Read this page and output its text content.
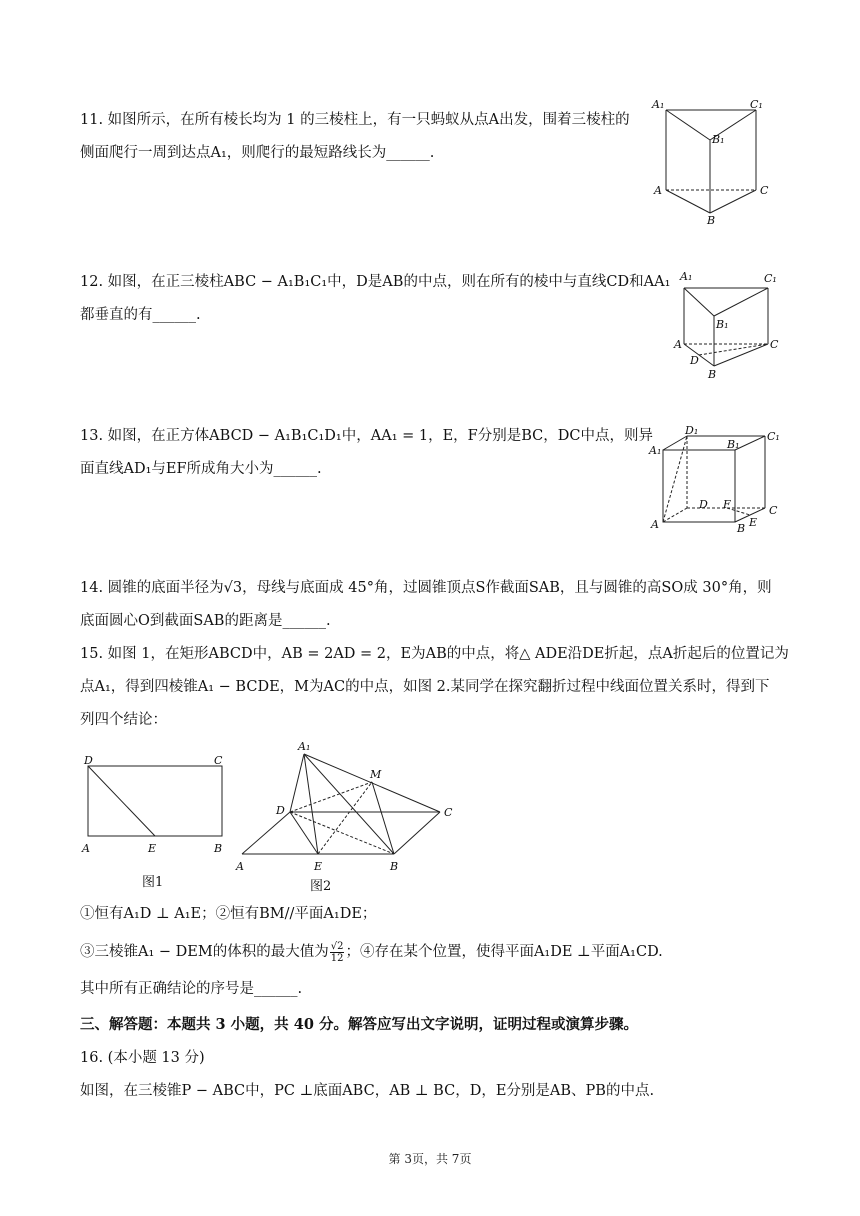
11. 如图所示，在所有棱长均为 1 的三棱柱上，有一只蚂蚁从点A出发，围着三棱柱的
侧面爬行一周到达点A₁，则爬行的最短路线长为______.
A₁	C₁
B₁
A	C
B
12. 如图，在正三棱柱ABC − A₁B₁C₁中，D是AB的中点，则在所有的棱中与直线CD和AA₁
都垂直的有______.
A₁	C₁
B₁
A	C
D
B
13. 如图，在正方体ABCD − A₁B₁C₁D₁中，AA₁ = 1，E，F分别是BC，DC中点，则异
面直线AD₁与EF所成角大小为______.
D₁
B₁
C₁
A₁
D F	C
E
B
A
14. 圆锥的底面半径为√3，母线与底面成 45°角，过圆锥顶点S作截面SAB，且与圆锥的高SO成 30°角，则
底面圆心O到截面SAB的距离是______.
15. 如图 1，在矩形ABCD中，AB = 2AD = 2，E为AB的中点，将△ ADE沿DE折起，点A折起后的位置记为
点A₁，得到四棱锥A₁ − BCDE，M为AC的中点，如图 2.某同学在探究翻折过程中线面位置关系时，得到下
列四个结论：
D	C
A	E	B
图1
A₁
M
D	C
A	E	B
图2
①恒有A₁D ⊥ A₁E；②恒有BM//平面A₁DE；
③三棱锥A₁ − DEM的体积的最大值为 $\frac{√2}{12}$ ；④存在某个位置，使得平面A₁DE ⊥平面A₁CD.
其中所有正确结论的序号是______.
三、解答题：本题共 3 小题，共 40 分。解答应写出文字说明，证明过程或演算步骤。
16. (本小题 13 分)
如图，在三棱锥P − ABC中，PC ⊥底面ABC，AB ⊥ BC，D，E分别是AB、PB的中点.
第 3页，共 7页
